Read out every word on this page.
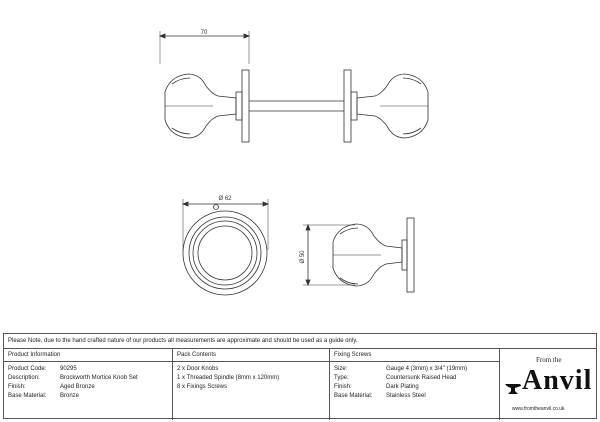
70
Ø 62
Ø 50
Please Note, due to the hand crafted nature of our products all measurements are approximate and should be used as a guide only.
Product Information
Product Code:	90295
Description:	Brockworth Mortice Knob Set
Finish:	Aged Bronze
Base Material:	Bronze
Pack Contents
2 x Door Knobs
1 x Threaded Spindle (8mm x 120mm)
8 x Fixings Screws
Fixing Screws
Size:	Gauge 4 (3mm) x 3/4" (19mm)
Type:	Countersunk Raised Head
Finish:	Dark Plating
Base Material:	Stainless Steel
From the
Anvil
www.fromtheanvil.co.uk
